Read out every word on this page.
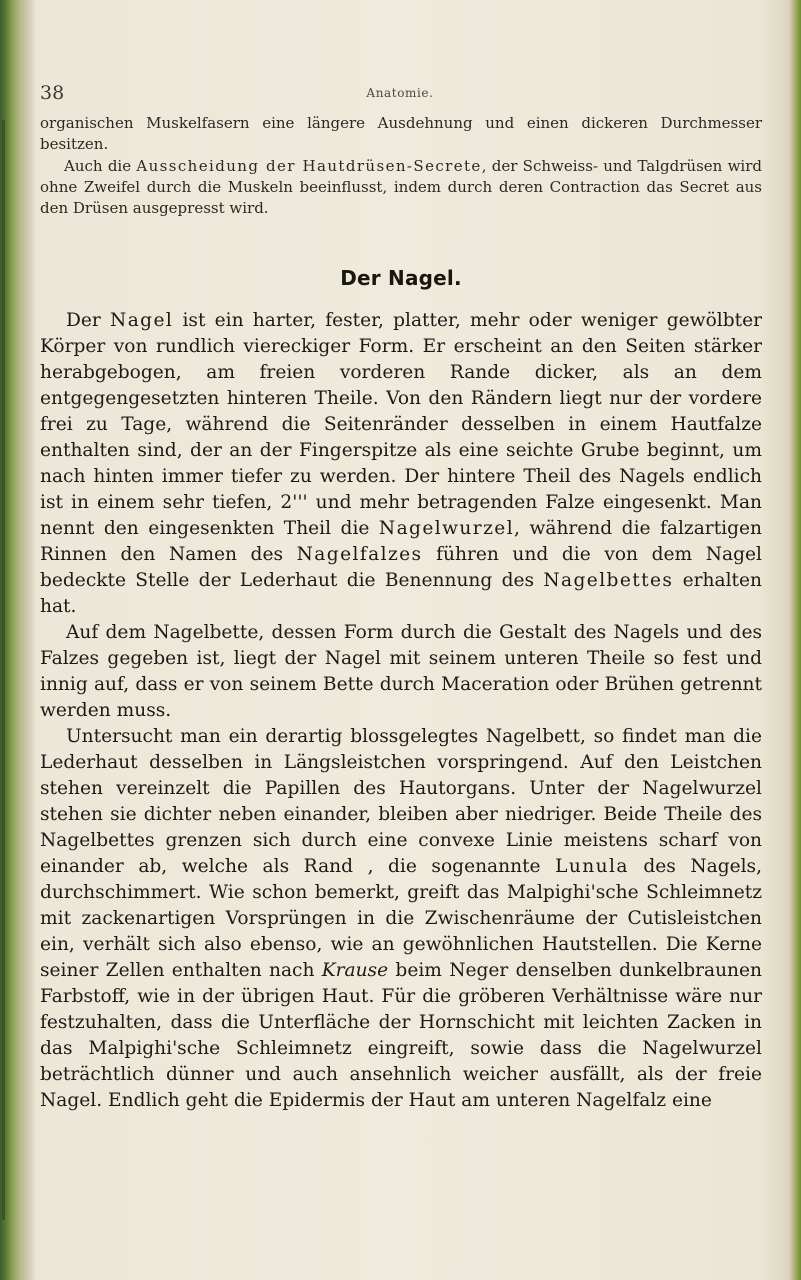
38	Anatomie.

organischen Muskelfasern eine längere Ausdehnung und einen dickeren Durchmesser besitzen.

Auch die Ausscheidung der Hautdrüsen-Secrete, der Schweiss- und Talgdrüsen wird ohne Zweifel durch die Muskeln beeinflusst, indem durch deren Contraction das Secret aus den Drüsen ausgepresst wird.

Der Nagel.

Der Nagel ist ein harter, fester, platter, mehr oder weniger gewölbter Körper von rundlich viereckiger Form. Er erscheint an den Seiten stärker herabgebogen, am freien vorderen Rande dicker, als an dem entgegengesetzten hinteren Theile. Von den Rändern liegt nur der vordere frei zu Tage, während die Seitenränder desselben in einem Hautfalze enthalten sind, der an der Fingerspitze als eine seichte Grube beginnt, um nach hinten immer tiefer zu werden. Der hintere Theil des Nagels endlich ist in einem sehr tiefen, 2''' und mehr betragenden Falze eingesenkt. Man nennt den eingesenkten Theil die Nagelwurzel, während die falzartigen Rinnen den Namen des Nagelfalzes führen und die von dem Nagel bedeckte Stelle der Lederhaut die Benennung des Nagelbettes erhalten hat.

Auf dem Nagelbette, dessen Form durch die Gestalt des Nagels und des Falzes gegeben ist, liegt der Nagel mit seinem unteren Theile so fest und innig auf, dass er von seinem Bette durch Maceration oder Brühen getrennt werden muss.

Untersucht man ein derartig blossgelegtes Nagelbett, so findet man die Lederhaut desselben in Längsleistchen vorspringend. Auf den Leistchen stehen vereinzelt die Papillen des Hautorgans. Unter der Nagelwurzel stehen sie dichter neben einander, bleiben aber niedriger. Beide Theile des Nagelbettes grenzen sich durch eine convexe Linie meistens scharf von einander ab, welche als Rand , die sogenannte Lunula des Nagels, durchschimmert. Wie schon bemerkt, greift das Malpighi'sche Schleimnetz mit zackenartigen Vorsprüngen in die Zwischenräume der Cutisleistchen ein, verhält sich also ebenso, wie an gewöhnlichen Hautstellen. Die Kerne seiner Zellen enthalten nach Krause beim Neger denselben dunkelbraunen Farbstoff, wie in der übrigen Haut. Für die gröberen Verhältnisse wäre nur festzuhalten, dass die Unterfläche der Hornschicht mit leichten Zacken in das Malpighi'sche Schleimnetz eingreift, sowie dass die Nagelwurzel beträchtlich dünner und auch ansehnlich weicher ausfällt, als der freie Nagel. Endlich geht die Epidermis der Haut am unteren Nagelfalz eine
